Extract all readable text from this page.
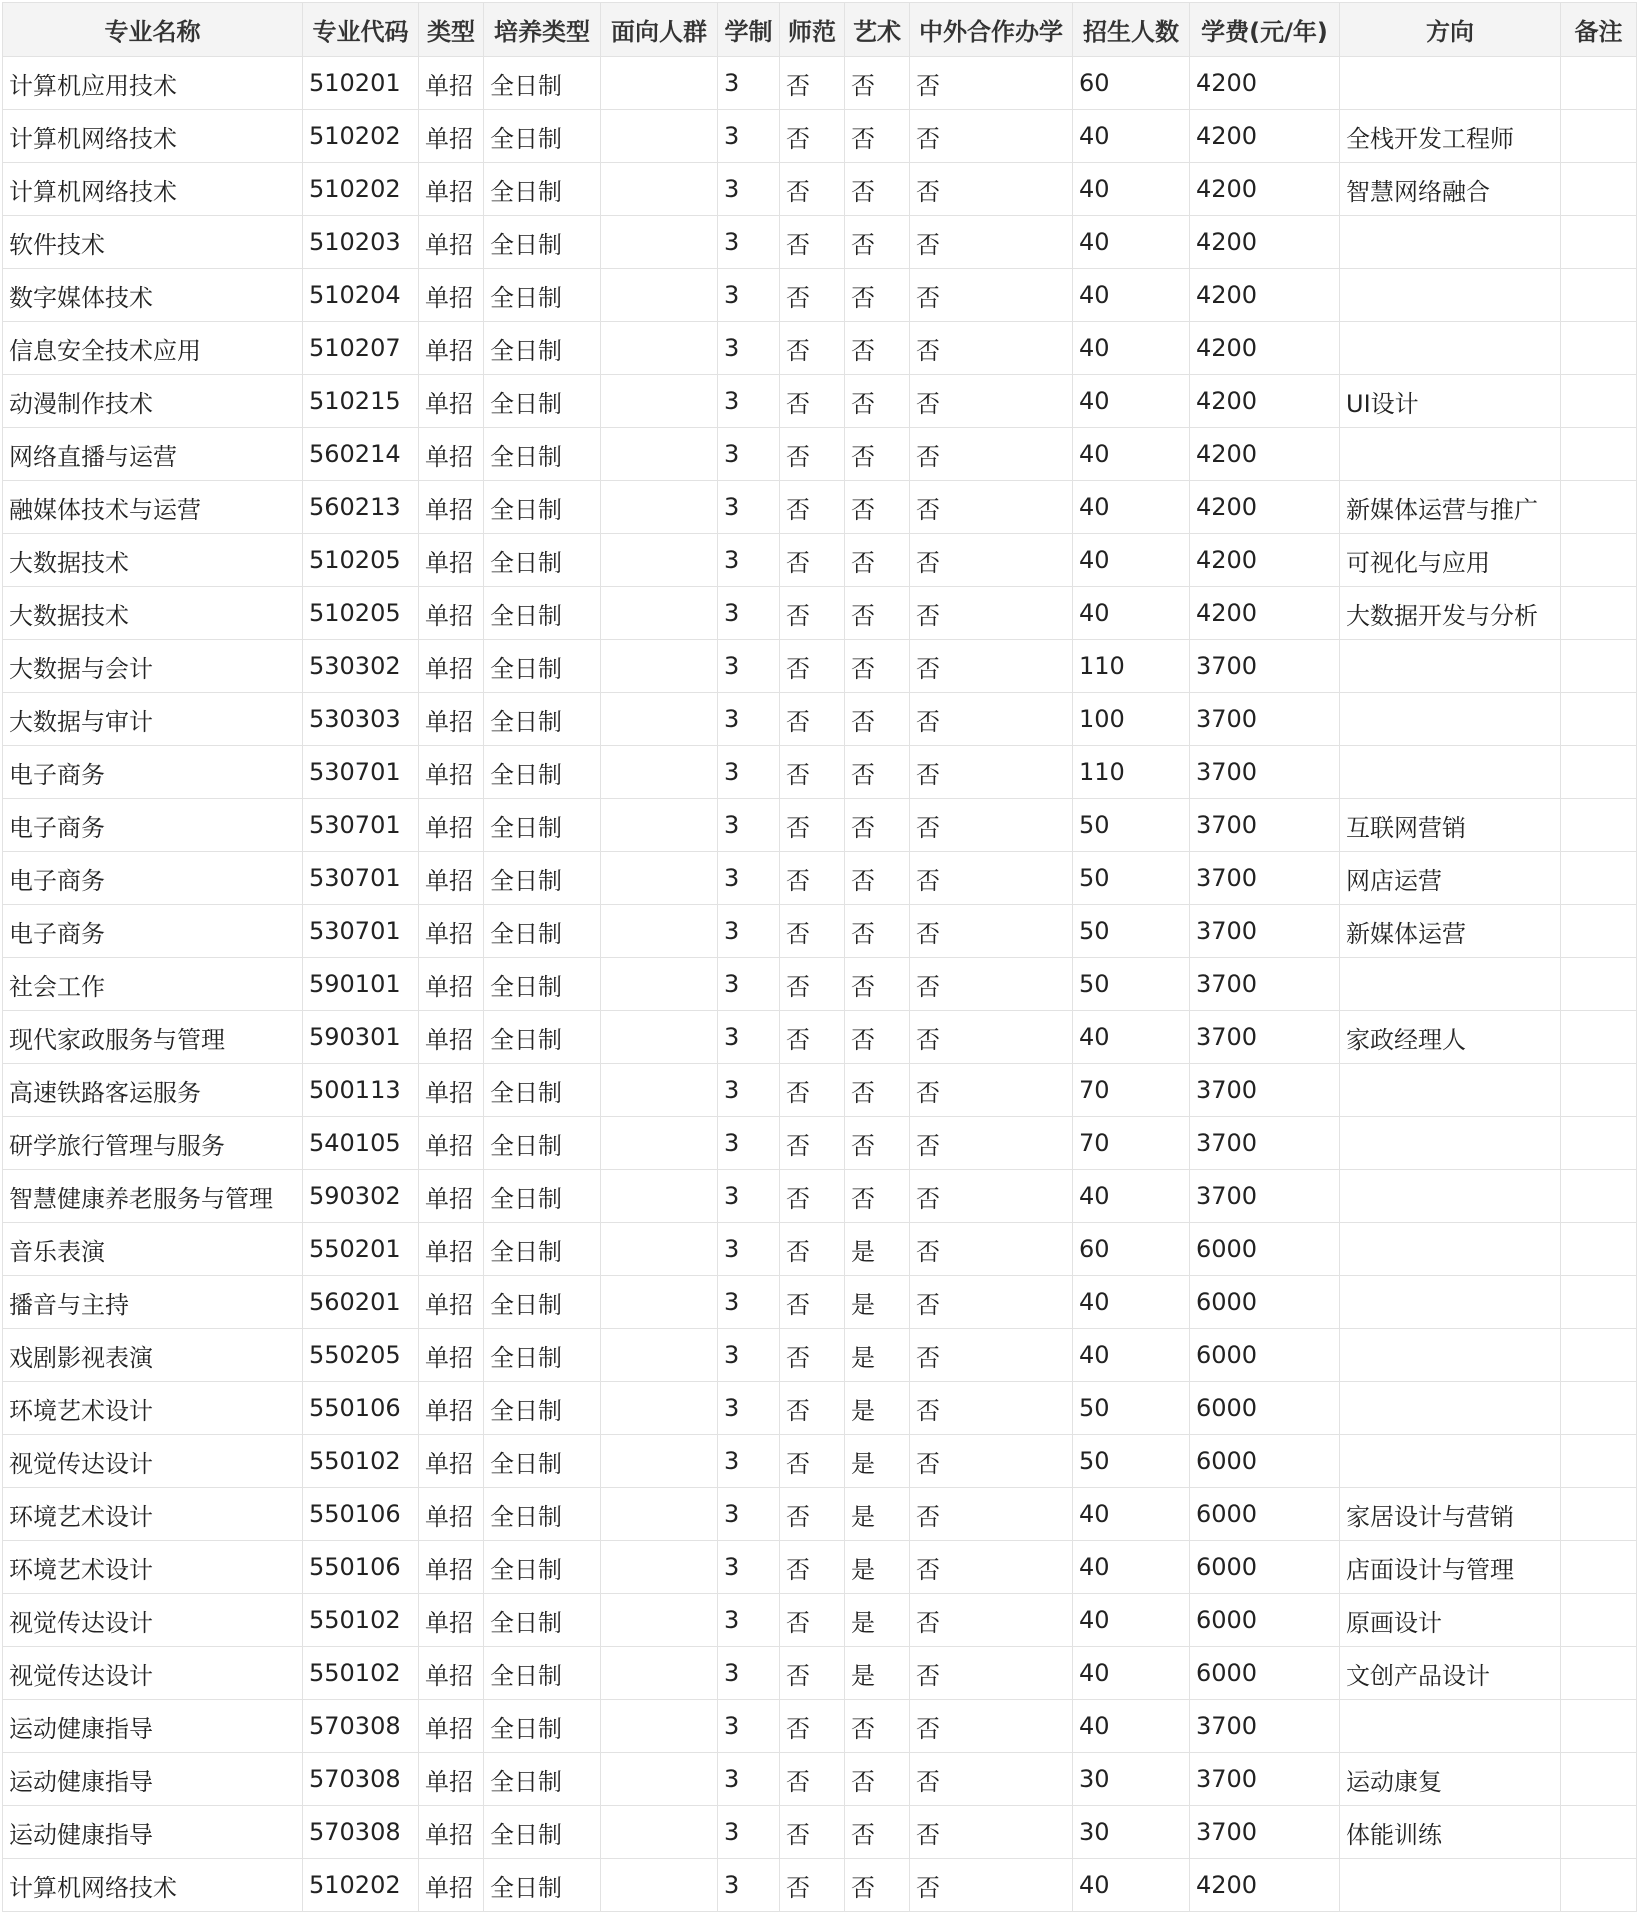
专业名称	专业代码	类型	培养类型	面向人群	学制	师范	艺术	中外合作办学	招生人数	学费(元/年)	方向	备注
计算机应用技术	510201	单招	全日制		3	否	否	否	60	4200		
计算机网络技术	510202	单招	全日制		3	否	否	否	40	4200	全栈开发工程师	
计算机网络技术	510202	单招	全日制		3	否	否	否	40	4200	智慧网络融合	
软件技术	510203	单招	全日制		3	否	否	否	40	4200		
数字媒体技术	510204	单招	全日制		3	否	否	否	40	4200		
信息安全技术应用	510207	单招	全日制		3	否	否	否	40	4200		
动漫制作技术	510215	单招	全日制		3	否	否	否	40	4200	UI设计	
网络直播与运营	560214	单招	全日制		3	否	否	否	40	4200		
融媒体技术与运营	560213	单招	全日制		3	否	否	否	40	4200	新媒体运营与推广	
大数据技术	510205	单招	全日制		3	否	否	否	40	4200	可视化与应用	
大数据技术	510205	单招	全日制		3	否	否	否	40	4200	大数据开发与分析	
大数据与会计	530302	单招	全日制		3	否	否	否	110	3700		
大数据与审计	530303	单招	全日制		3	否	否	否	100	3700		
电子商务	530701	单招	全日制		3	否	否	否	110	3700		
电子商务	530701	单招	全日制		3	否	否	否	50	3700	互联网营销	
电子商务	530701	单招	全日制		3	否	否	否	50	3700	网店运营	
电子商务	530701	单招	全日制		3	否	否	否	50	3700	新媒体运营	
社会工作	590101	单招	全日制		3	否	否	否	50	3700		
现代家政服务与管理	590301	单招	全日制		3	否	否	否	40	3700	家政经理人	
高速铁路客运服务	500113	单招	全日制		3	否	否	否	70	3700		
研学旅行管理与服务	540105	单招	全日制		3	否	否	否	70	3700		
智慧健康养老服务与管理	590302	单招	全日制		3	否	否	否	40	3700		
音乐表演	550201	单招	全日制		3	否	是	否	60	6000		
播音与主持	560201	单招	全日制		3	否	是	否	40	6000		
戏剧影视表演	550205	单招	全日制		3	否	是	否	40	6000		
环境艺术设计	550106	单招	全日制		3	否	是	否	50	6000		
视觉传达设计	550102	单招	全日制		3	否	是	否	50	6000		
环境艺术设计	550106	单招	全日制		3	否	是	否	40	6000	家居设计与营销	
环境艺术设计	550106	单招	全日制		3	否	是	否	40	6000	店面设计与管理	
视觉传达设计	550102	单招	全日制		3	否	是	否	40	6000	原画设计	
视觉传达设计	550102	单招	全日制		3	否	是	否	40	6000	文创产品设计	
运动健康指导	570308	单招	全日制		3	否	否	否	40	3700		
运动健康指导	570308	单招	全日制		3	否	否	否	30	3700	运动康复	
运动健康指导	570308	单招	全日制		3	否	否	否	30	3700	体能训练	
计算机网络技术	510202	单招	全日制		3	否	否	否	40	4200		
